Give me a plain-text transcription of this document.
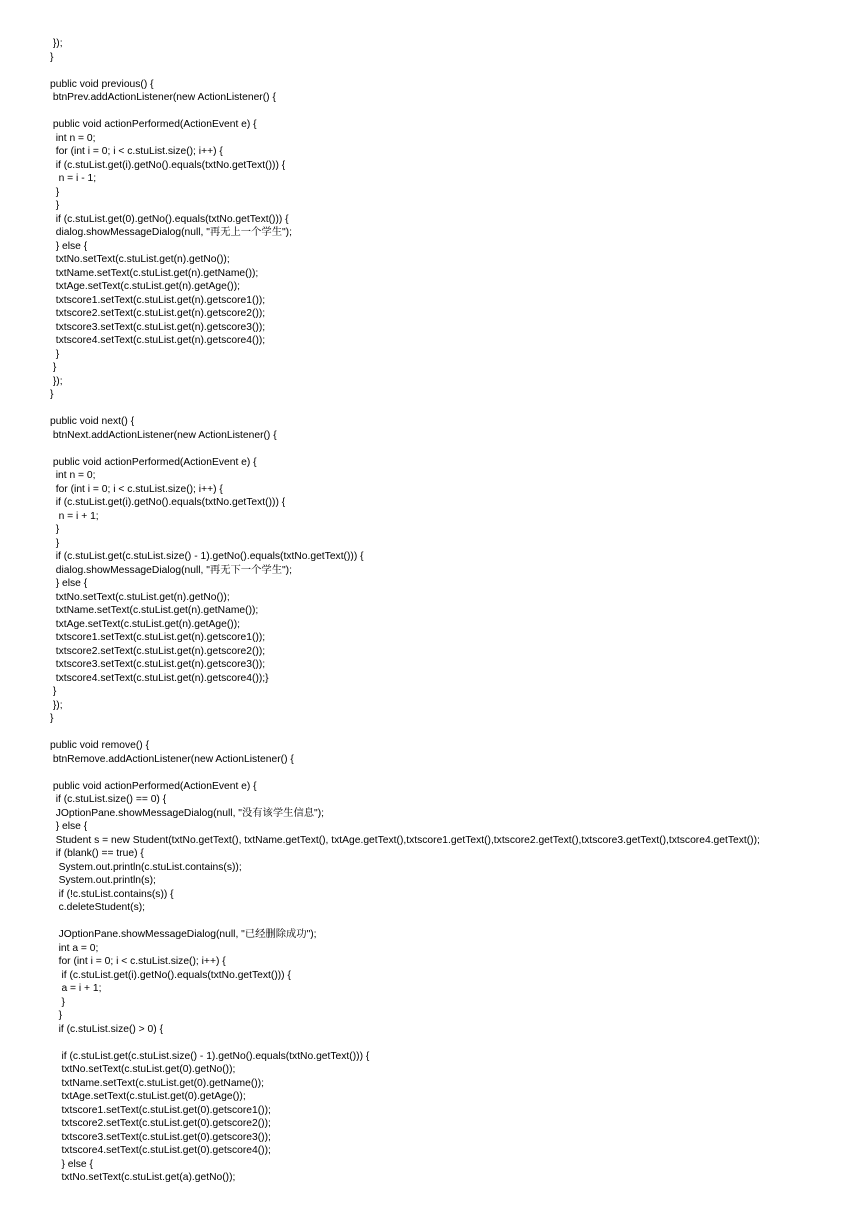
});
}
public void previous() {
btnPrev.addActionListener(new ActionListener() {
public void actionPerformed(ActionEvent e) {
int n = 0;
for (int i = 0; i < c.stuList.size(); i++) {
if (c.stuList.get(i).getNo().equals(txtNo.getText())) {
n = i - 1;
}
}
if (c.stuList.get(0).getNo().equals(txtNo.getText())) {
dialog.showMessageDialog(null, "再无上一个学生");
} else {
txtNo.setText(c.stuList.get(n).getNo());
txtName.setText(c.stuList.get(n).getName());
txtAge.setText(c.stuList.get(n).getAge());
txtscore1.setText(c.stuList.get(n).getscore1());
txtscore2.setText(c.stuList.get(n).getscore2());
txtscore3.setText(c.stuList.get(n).getscore3());
txtscore4.setText(c.stuList.get(n).getscore4());
}
}
});
}
public void next() {
btnNext.addActionListener(new ActionListener() {
public void actionPerformed(ActionEvent e) {
int n = 0;
for (int i = 0; i < c.stuList.size(); i++) {
if (c.stuList.get(i).getNo().equals(txtNo.getText())) {
n = i + 1;
}
}
if (c.stuList.get(c.stuList.size() - 1).getNo().equals(txtNo.getText())) {
dialog.showMessageDialog(null, "再无下一个学生");
} else {
txtNo.setText(c.stuList.get(n).getNo());
txtName.setText(c.stuList.get(n).getName());
txtAge.setText(c.stuList.get(n).getAge());
txtscore1.setText(c.stuList.get(n).getscore1());
txtscore2.setText(c.stuList.get(n).getscore2());
txtscore3.setText(c.stuList.get(n).getscore3());
txtscore4.setText(c.stuList.get(n).getscore4());}
}
});
}
public void remove() {
btnRemove.addActionListener(new ActionListener() {
public void actionPerformed(ActionEvent e) {
if (c.stuList.size() == 0) {
JOptionPane.showMessageDialog(null, "没有该学生信息");
} else {
Student s = new Student(txtNo.getText(), txtName.getText(), txtAge.getText(),txtscore1.getText(),txtscore2.getText(),txtscore3.getText(),txtscore4.getText());
if (blank() == true) {
System.out.println(c.stuList.contains(s));
System.out.println(s);
if (!c.stuList.contains(s)) {
c.deleteStudent(s);
JOptionPane.showMessageDialog(null, "已经删除成功");
int a = 0;
for (int i = 0; i < c.stuList.size(); i++) {
if (c.stuList.get(i).getNo().equals(txtNo.getText())) {
a = i + 1;
}
}
if (c.stuList.size() > 0) {
if (c.stuList.get(c.stuList.size() - 1).getNo().equals(txtNo.getText())) {
txtNo.setText(c.stuList.get(0).getNo());
txtName.setText(c.stuList.get(0).getName());
txtAge.setText(c.stuList.get(0).getAge());
txtscore1.setText(c.stuList.get(0).getscore1());
txtscore2.setText(c.stuList.get(0).getscore2());
txtscore3.setText(c.stuList.get(0).getscore3());
txtscore4.setText(c.stuList.get(0).getscore4());
} else {
txtNo.setText(c.stuList.get(a).getNo());
